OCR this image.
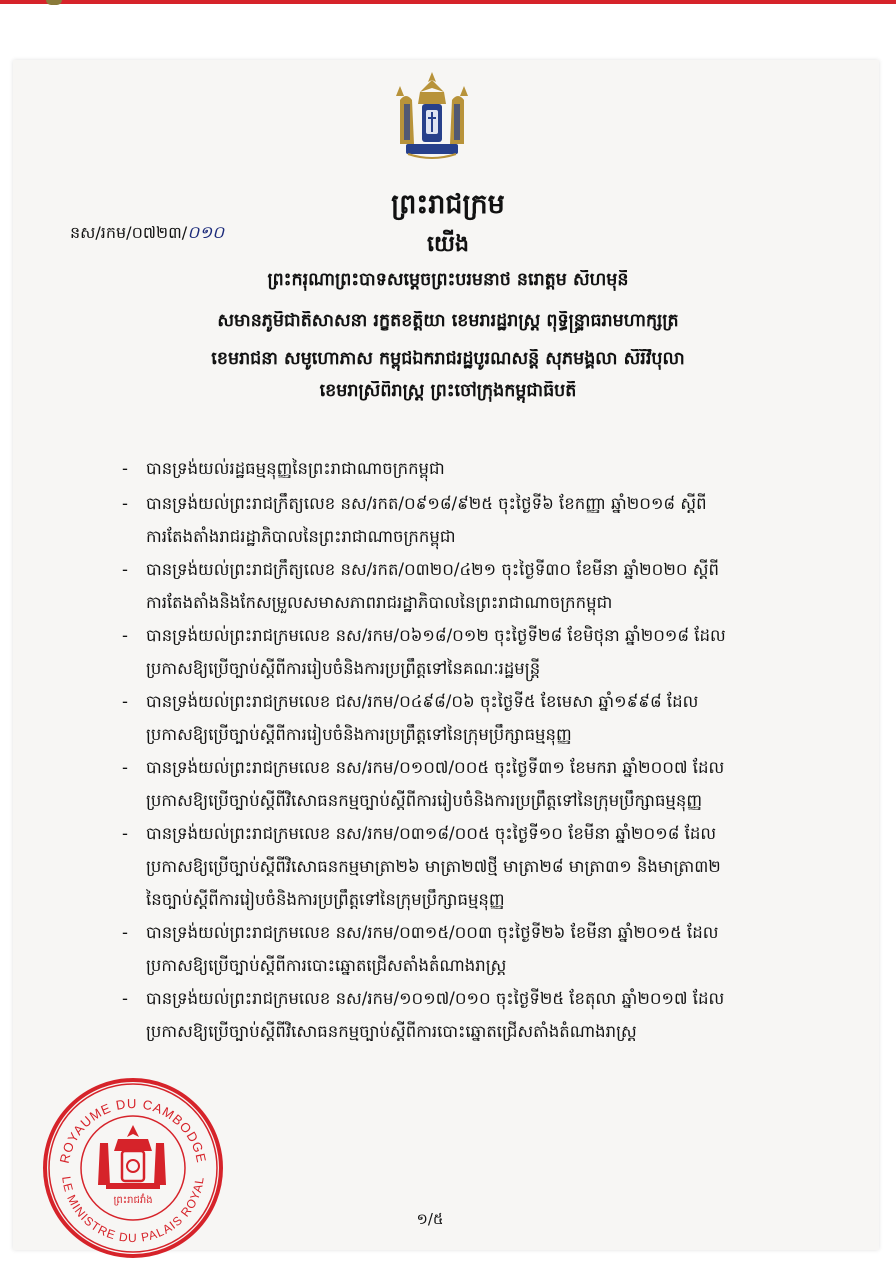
នស/រកម/០៧២៣/០១០
ព្រះរាជក្រម
យើង
ព្រះករុណាព្រះបាទសម្តេចព្រះបរមនាថ នរោត្តម សីហមុនី
សមានភូមិជាតិសាសនា រក្ខតខត្តិយា ខេមរារដ្ឋរាស្ត្រ ពុទ្ធិន្ទ្រាធរាមហាក្សត្រ
ខេមរាជនា សមូហោភាស កម្ពុជឯករាជរដ្ឋបូរណសន្តិ សុភមង្គលា សិរីវិបុលា
ខេមរាស្រីពិរាស្ត្រ ព្រះចៅក្រុងកម្ពុជាធិបតី
-	បានទ្រង់យល់រដ្ឋធម្មនុញ្ញនៃព្រះរាជាណាចក្រកម្ពុជា
-	បានទ្រង់យល់ព្រះរាជក្រឹត្យលេខ នស/រកត/០៩១៨/៩២៥ ចុះថ្ងៃទី៦ ខែកញ្ញា ឆ្នាំ២០១៨ ស្តីពី
ការតែងតាំងរាជរដ្ឋាភិបាលនៃព្រះរាជាណាចក្រកម្ពុជា
-	បានទ្រង់យល់ព្រះរាជក្រឹត្យលេខ នស/រកត/០៣២០/៤២១ ចុះថ្ងៃទី៣០ ខែមីនា ឆ្នាំ២០២០ ស្តីពី
ការតែងតាំងនិងកែសម្រួលសមាសភាពរាជរដ្ឋាភិបាលនៃព្រះរាជាណាចក្រកម្ពុជា
-	បានទ្រង់យល់ព្រះរាជក្រមលេខ នស/រកម/០៦១៨/០១២ ចុះថ្ងៃទី២៨ ខែមិថុនា ឆ្នាំ២០១៨ ដែល
ប្រកាសឱ្យប្រើច្បាប់ស្តីពីការរៀបចំនិងការប្រព្រឹត្តទៅនៃគណៈរដ្ឋមន្ត្រី
-	បានទ្រង់យល់ព្រះរាជក្រមលេខ ជស/រកម/០៤៩៨/០៦ ចុះថ្ងៃទី៥ ខែមេសា ឆ្នាំ១៩៩៨ ដែល
ប្រកាសឱ្យប្រើច្បាប់ស្តីពីការរៀបចំនិងការប្រព្រឹត្តទៅនៃក្រុមប្រឹក្សាធម្មនុញ្ញ
-	បានទ្រង់យល់ព្រះរាជក្រមលេខ នស/រកម/០១០៧/០០៥ ចុះថ្ងៃទី៣១ ខែមករា ឆ្នាំ២០០៧ ដែល
ប្រកាសឱ្យប្រើច្បាប់ស្តីពីវិសោធនកម្មច្បាប់ស្តីពីការរៀបចំនិងការប្រព្រឹត្តទៅនៃក្រុមប្រឹក្សាធម្មនុញ្ញ
-	បានទ្រង់យល់ព្រះរាជក្រមលេខ នស/រកម/០៣១៨/០០៥ ចុះថ្ងៃទី១០ ខែមីនា ឆ្នាំ២០១៨ ដែល
ប្រកាសឱ្យប្រើច្បាប់ស្តីពីវិសោធនកម្មមាត្រា២៦ មាត្រា២៧ថ្មី មាត្រា២៨ មាត្រា៣១ និងមាត្រា៣២
នៃច្បាប់ស្តីពីការរៀបចំនិងការប្រព្រឹត្តទៅនៃក្រុមប្រឹក្សាធម្មនុញ្ញ
-	បានទ្រង់យល់ព្រះរាជក្រមលេខ នស/រកម/០៣១៥/០០៣ ចុះថ្ងៃទី២៦ ខែមីនា ឆ្នាំ២០១៥ ដែល
ប្រកាសឱ្យប្រើច្បាប់ស្តីពីការបោះឆ្នោតជ្រើសតាំងតំណាងរាស្ត្រ
-	បានទ្រង់យល់ព្រះរាជក្រមលេខ នស/រកម/១០១៧/០១០ ចុះថ្ងៃទី២៥ ខែតុលា ឆ្នាំ២០១៧ ដែល
ប្រកាសឱ្យប្រើច្បាប់ស្តីពីវិសោធនកម្មច្បាប់ស្តីពីការបោះឆ្នោតជ្រើសតាំងតំណាងរាស្ត្រ
ROYAUME DU CAMBODGE
LE MINISTRE DU PALAIS ROYAL
ព្រះរាជវាំង
១/៥
